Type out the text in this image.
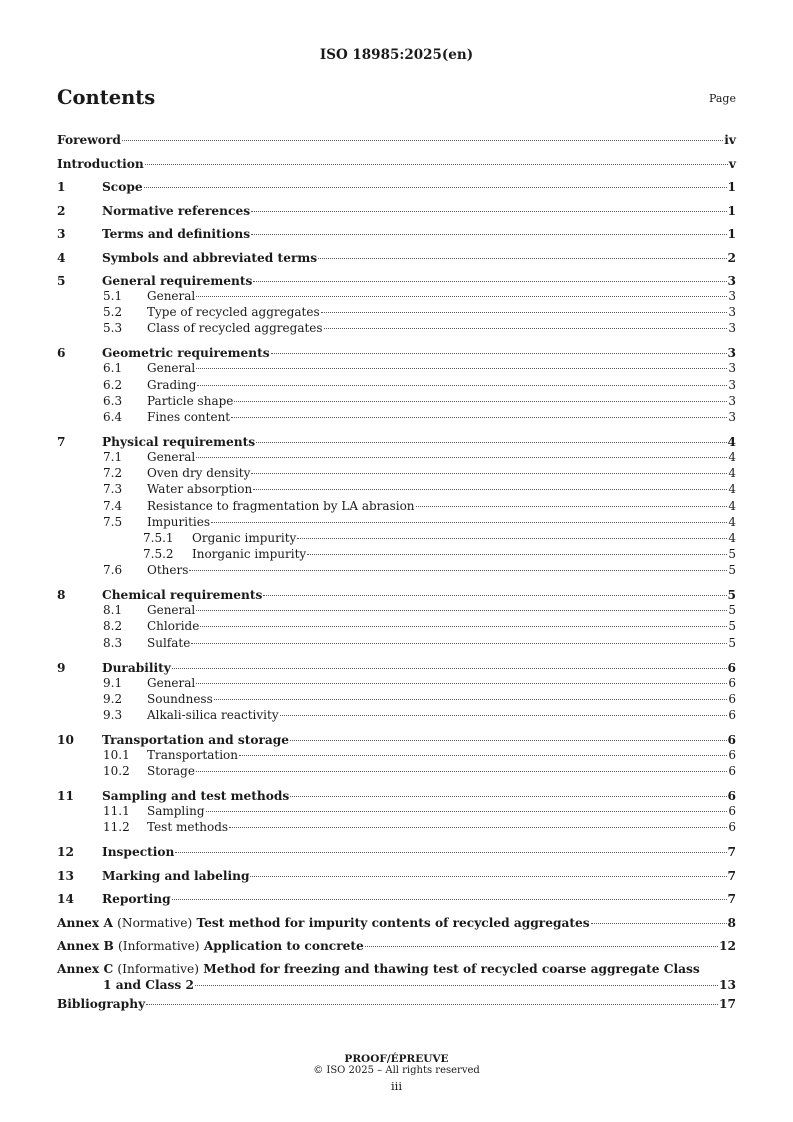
ISO 18985:2025(en)
Contents	Page
Foreword	iv
Introduction	v
1	Scope	1
2	Normative references	1
3	Terms and definitions	1
4	Symbols and abbreviated terms	2
5	General requirements	3
5.1	General	3
5.2	Type of recycled aggregates	3
5.3	Class of recycled aggregates	3
6	Geometric requirements	3
6.1	General	3
6.2	Grading	3
6.3	Particle shape	3
6.4	Fines content	3
7	Physical requirements	4
7.1	General	4
7.2	Oven dry density	4
7.3	Water absorption	4
7.4	Resistance to fragmentation by LA abrasion	4
7.5	Impurities	4
7.5.1	Organic impurity	4
7.5.2	Inorganic impurity	5
7.6	Others	5
8	Chemical requirements	5
8.1	General	5
8.2	Chloride	5
8.3	Sulfate	5
9	Durability	6
9.1	General	6
9.2	Soundness	6
9.3	Alkali-silica reactivity	6
10	Transportation and storage	6
10.1	Transportation	6
10.2	Storage	6
11	Sampling and test methods	6
11.1	Sampling	6
11.2	Test methods	6
12	Inspection	7
13	Marking and labeling	7
14	Reporting	7
Annex A (Normative) Test method for impurity contents of recycled aggregates	8
Annex B (Informative) Application to concrete	12
Annex C (Informative) Method for freezing and thawing test of recycled coarse aggregate Class
1 and Class 2	13
Bibliography	17
PROOF/ÉPREUVE
© ISO 2025 – All rights reserved
iii
